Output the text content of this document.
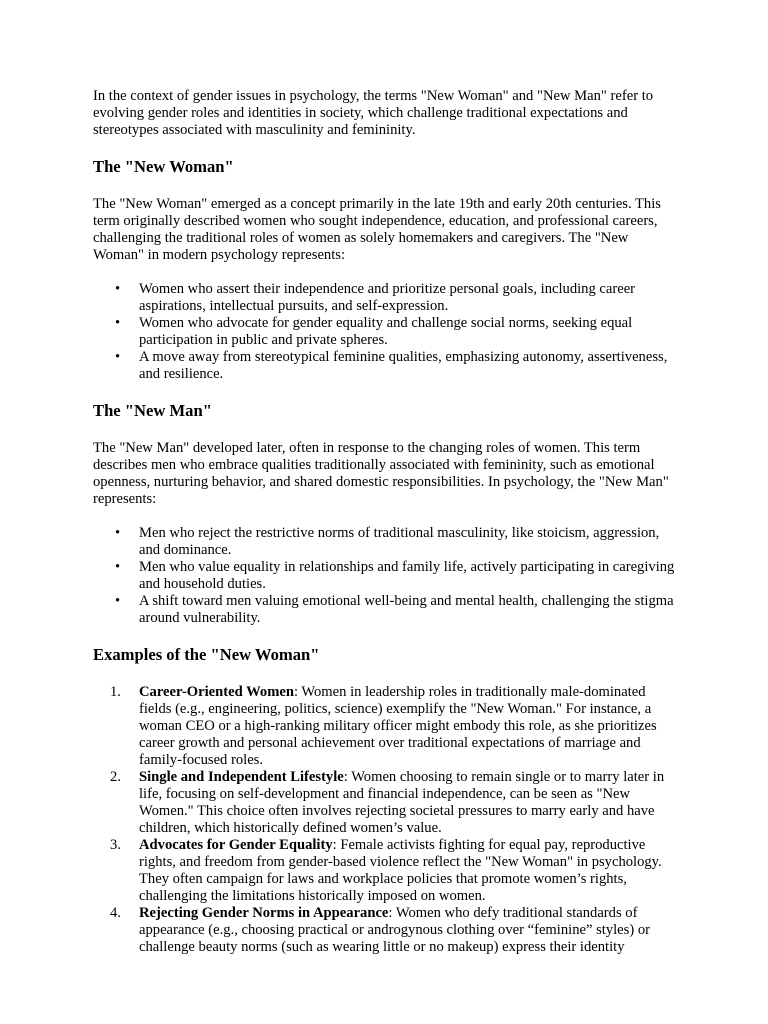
In the context of gender issues in psychology, the terms "New Woman" and "New Man" refer to evolving gender roles and identities in society, which challenge traditional expectations and stereotypes associated with masculinity and femininity.

The "New Woman"

The "New Woman" emerged as a concept primarily in the late 19th and early 20th centuries. This term originally described women who sought independence, education, and professional careers, challenging the traditional roles of women as solely homemakers and caregivers. The "New Woman" in modern psychology represents:

• Women who assert their independence and prioritize personal goals, including career aspirations, intellectual pursuits, and self-expression.
• Women who advocate for gender equality and challenge social norms, seeking equal participation in public and private spheres.
• A move away from stereotypical feminine qualities, emphasizing autonomy, assertiveness, and resilience.
The "New Man"

The "New Man" developed later, often in response to the changing roles of women. This term describes men who embrace qualities traditionally associated with femininity, such as emotional openness, nurturing behavior, and shared domestic responsibilities. In psychology, the "New Man" represents:

• Men who reject the restrictive norms of traditional masculinity, like stoicism, aggression, and dominance.
• Men who value equality in relationships and family life, actively participating in caregiving and household duties.
• A shift toward men valuing emotional well-being and mental health, challenging the stigma around vulnerability.
Examples of the "New Woman"
1. Career-Oriented Women: Women in leadership roles in traditionally male-dominated fields (e.g., engineering, politics, science) exemplify the "New Woman." For instance, a woman CEO or a high-ranking military officer might embody this role, as she prioritizes career growth and personal achievement over traditional expectations of marriage and family-focused roles.
2. Single and Independent Lifestyle: Women choosing to remain single or to marry later in life, focusing on self-development and financial independence, can be seen as "New Women." This choice often involves rejecting societal pressures to marry early and have children, which historically defined women’s value.
3. Advocates for Gender Equality: Female activists fighting for equal pay, reproductive rights, and freedom from gender-based violence reflect the "New Woman" in psychology. They often campaign for laws and workplace policies that promote women’s rights, challenging the limitations historically imposed on women.
4. Rejecting Gender Norms in Appearance: Women who defy traditional standards of appearance (e.g., choosing practical or androgynous clothing over “feminine” styles) or challenge beauty norms (such as wearing little or no makeup) express their identity
